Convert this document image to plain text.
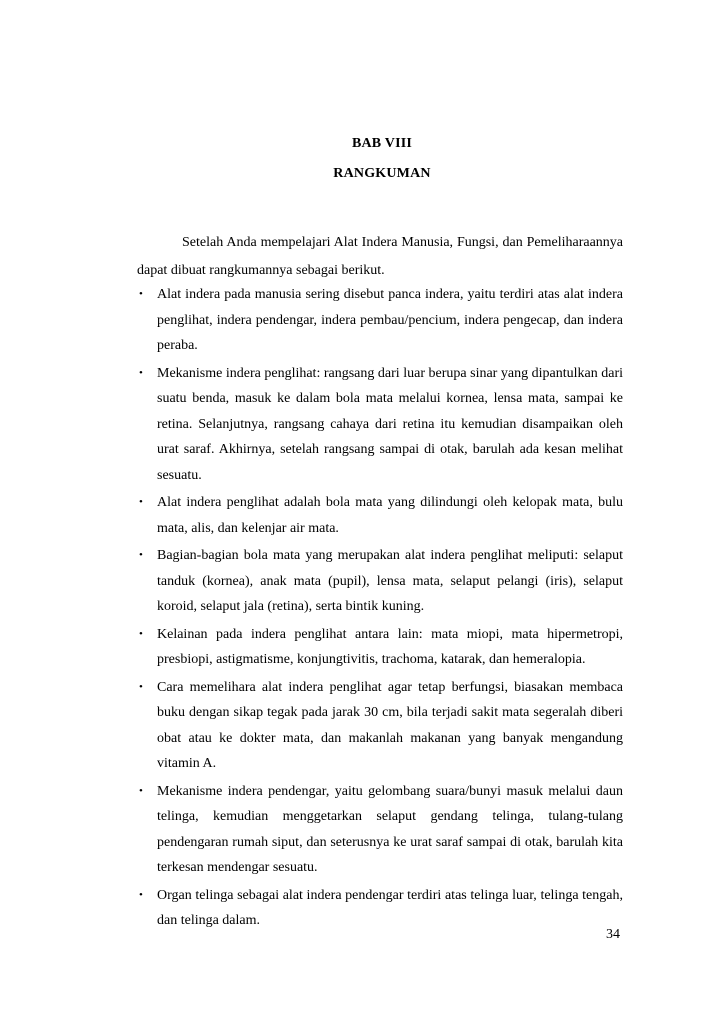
BAB VIII
RANGKUMAN
Setelah Anda mempelajari Alat Indera Manusia, Fungsi, dan Pemeliharaannya dapat dibuat rangkumannya sebagai berikut.
• Alat indera pada manusia sering disebut panca indera, yaitu terdiri atas alat indera penglihat, indera pendengar, indera pembau/pencium, indera pengecap, dan indera peraba.
• Mekanisme indera penglihat: rangsang dari luar berupa sinar yang dipantulkan dari suatu benda, masuk ke dalam bola mata melalui kornea, lensa mata, sampai ke retina. Selanjutnya, rangsang cahaya dari retina itu kemudian disampaikan oleh urat saraf. Akhirnya, setelah rangsang sampai di otak, barulah ada kesan melihat sesuatu.
• Alat indera penglihat adalah bola mata yang dilindungi oleh kelopak mata, bulu mata, alis, dan kelenjar air mata.
• Bagian-bagian bola mata yang merupakan alat indera penglihat meliputi: selaput tanduk (kornea), anak mata (pupil), lensa mata, selaput pelangi (iris), selaput koroid, selaput jala (retina), serta bintik kuning.
• Kelainan pada indera penglihat antara lain: mata miopi, mata hipermetropi, presbiopi, astigmatisme, konjungtivitis, trachoma, katarak, dan hemeralopia.
• Cara memelihara alat indera penglihat agar tetap berfungsi, biasakan membaca buku dengan sikap tegak pada jarak 30 cm, bila terjadi sakit mata segeralah diberi obat atau ke dokter mata, dan makanlah makanan yang banyak mengandung vitamin A.
• Mekanisme indera pendengar, yaitu gelombang suara/bunyi masuk melalui daun telinga, kemudian menggetarkan selaput gendang telinga, tulang-tulang pendengaran rumah siput, dan seterusnya ke urat saraf sampai di otak, barulah kita terkesan mendengar sesuatu.
• Organ telinga sebagai alat indera pendengar terdiri atas telinga luar, telinga tengah, dan telinga dalam.
34
